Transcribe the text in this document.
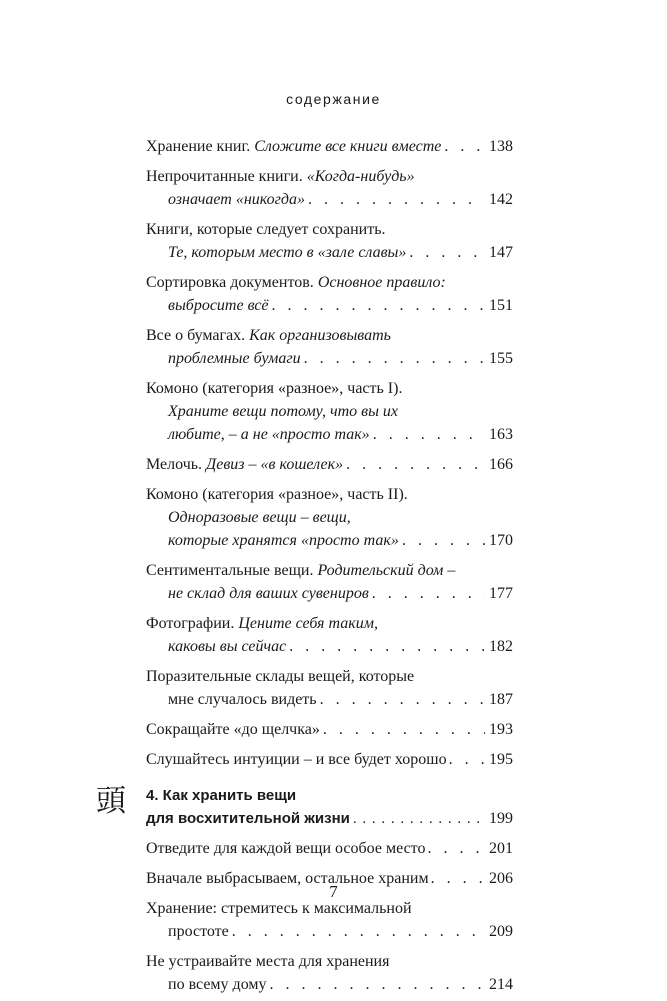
содержание
Хранение книг.
Сложите все книги вместе . . .	138
Непрочитанные книги.
«Когда-нибудь»
означает «никогда» . . .	142
Книги, которые следует сохранить.
Те, которым место в «зале славы» . . .	147
Сортировка документов.
Основное правило:
выбросите всё . . .	151
Все о бумагах.
Как организовывать
проблемные бумаги . . .	155
Комоно (категория «разное», часть I).
Храните вещи потому, что вы их
любите, – а не «просто так» . . .	163
Мелочь.
Девиз – «в кошелек» . . .	166
Комоно (категория «разное», часть II).
Одноразовые вещи – вещи,
которые хранятся «просто так» . . .	170
Сентиментальные вещи.
Родительский дом –
не склад для ваших сувениров . . .	177
Фотографии.
Цените себя таким,
каковы вы сейчас . . .	182
Поразительные склады вещей, которые
мне случалось видеть . . .	187
Сокращайте «до щелчка» . . .	193
Слушайтесь интуиции – и все будет хорошо . . .	195
頭 4. Как хранить вещи
для восхитительной жизни . . .	199
Отведите для каждой вещи особое место . . .	201
Вначале выбрасываем, остальное храним . . .	206
Хранение: стремитесь к максимальной
простоте . . .	209
Не устраивайте места для хранения
по всему дому . . .	214
7
